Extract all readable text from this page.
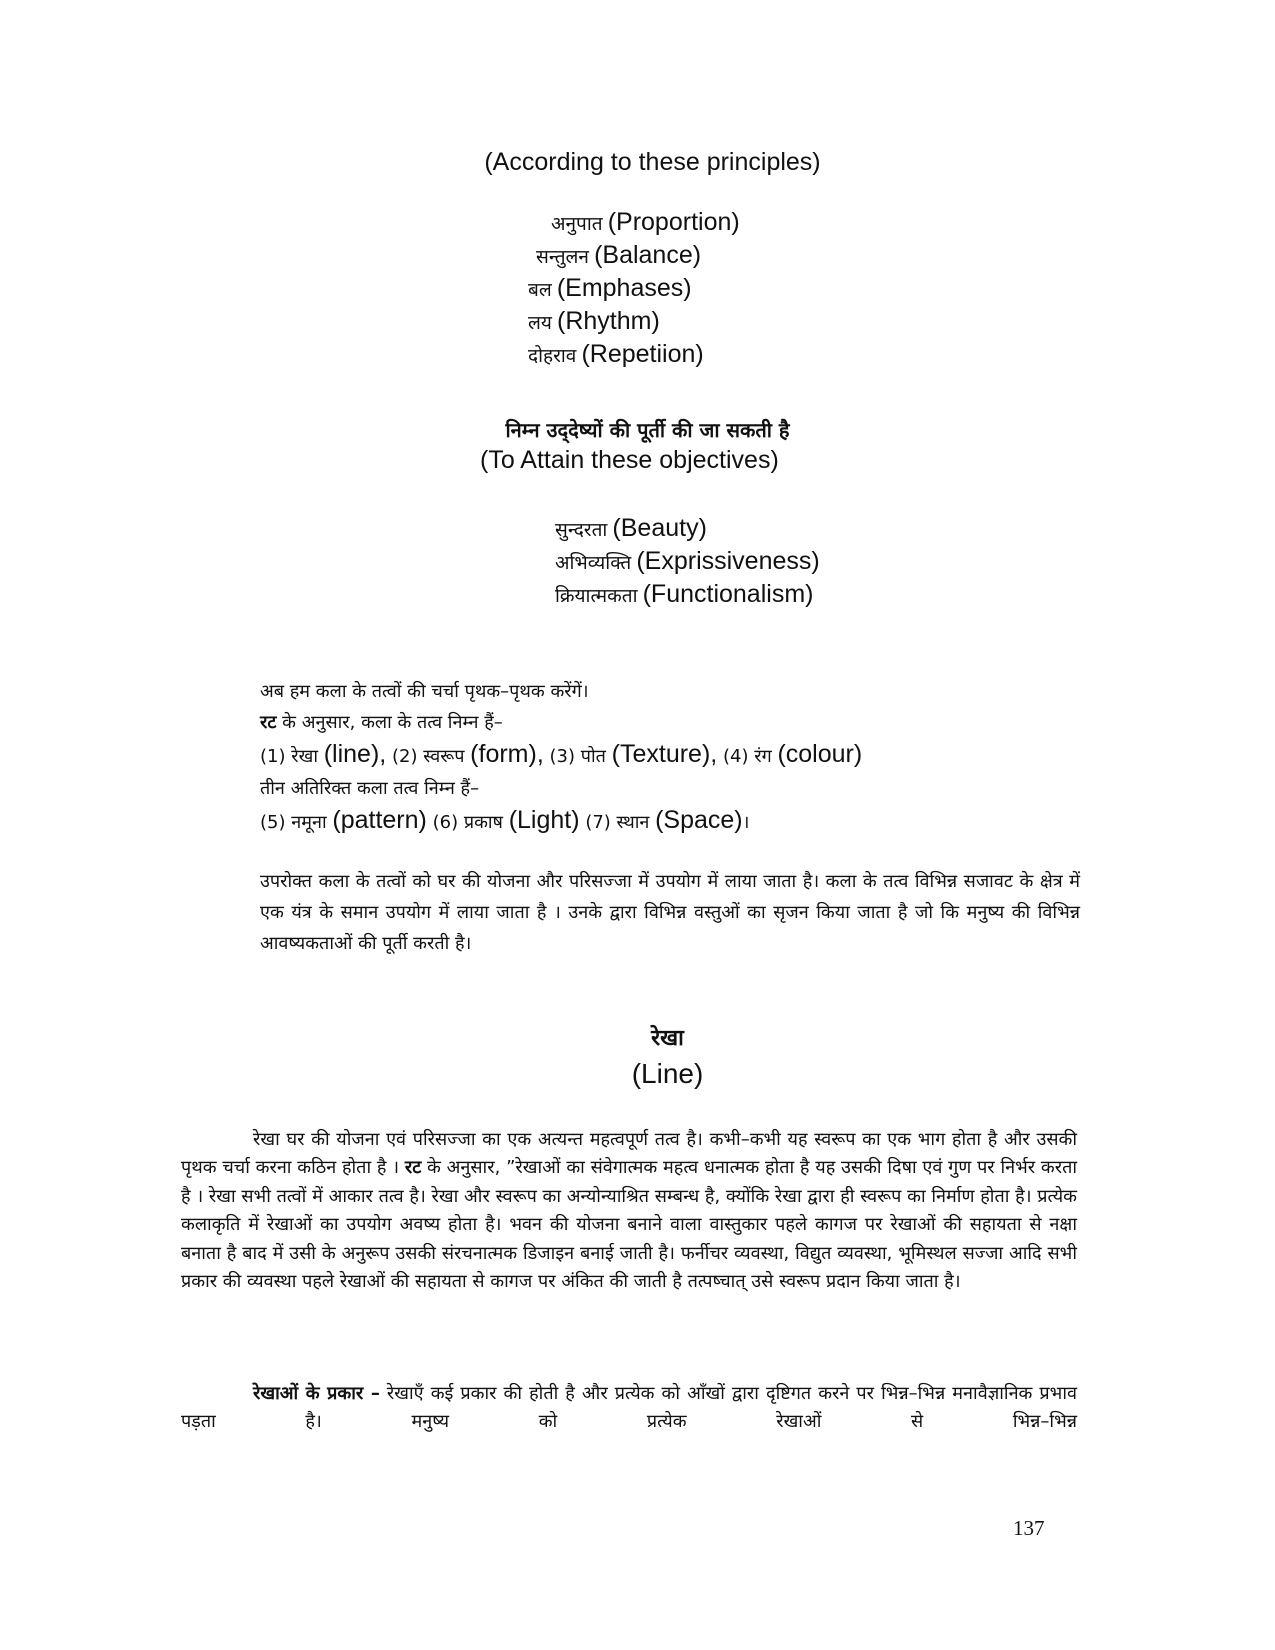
(According to these principles)
अनुपात (Proportion)
सन्तुलन (Balance)
बल (Emphases)
लय (Rhythm)
दोहराव (Repetiion)
निम्न उद्‌देष्यों की पूर्ती की जा सकती है
(To Attain these objectives)
सुन्दरता (Beauty)
अभिव्यक्ति (Exprissiveness)
क्रियात्मकता (Functionalism)
अब हम कला के तत्वों की चर्चा पृथक–पृथक करेंगें।
रट के अनुसार, कला के तत्व निम्न हैं–
(1) रेखा (line), (2) स्वरूप (form), (3) पोत (Texture), (4) रंग (colour)
तीन अतिरिक्त कला तत्व निम्न हैं–
(5) नमूना (pattern) (6) प्रकाष (Light) (7) स्थान (Space)।
उपरोक्त कला के तत्वों को घर की योजना और परिसज्जा में उपयोग में लाया जाता है। कला के तत्व विभिन्न सजावट के क्षेत्र में एक यंत्र के समान उपयोग में लाया जाता है । उनके द्वारा विभिन्न वस्तुओं का सृजन किया जाता है जो कि मनुष्य की विभिन्न आवष्यकताओं की पूर्ती करती है।
रेखा
(Line)
रेखा घर की योजना एवं परिसज्जा का एक अत्यन्त महत्वपूर्ण तत्व है। कभी–कभी यह स्वरूप का एक भाग होता है और उसकी पृथक चर्चा करना कठिन होता है । रट के अनुसार, ”रेखाओं का संवेगात्मक महत्व धनात्मक होता है यह उसकी दिषा एवं गुण पर निर्भर करता है । रेखा सभी तत्वों में आकार तत्व है। रेखा और स्वरूप का अन्योन्याश्रित सम्बन्ध है, क्योंकि रेखा द्वारा ही स्वरूप का निर्माण होता है। प्रत्येक कलाकृति में रेखाओं का उपयोग अवष्य होता है। भवन की योजना बनाने वाला वास्तुकार पहले कागज पर रेखाओं की सहायता से नक्षा बनाता है बाद में उसी के अनुरूप उसकी संरचनात्मक डिजाइन बनाई जाती है। फर्नीचर व्यवस्था, विद्युत व्यवस्था, भूमिस्थल सज्जा आदि सभी प्रकार की व्यवस्था पहले रेखाओं की सहायता से कागज पर अंकित की जाती है तत्पष्चात् उसे स्वरूप प्रदान किया जाता है।
रेखाओं के प्रकार – रेखाएँ कई प्रकार की होती है और प्रत्येक को आँखों द्वारा दृष्टिगत करने पर भिन्न–भिन्न मनावैज्ञानिक प्रभाव पड़ता है। मनुष्य को प्रत्येक रेखाओं से भिन्न–भिन्न
137
